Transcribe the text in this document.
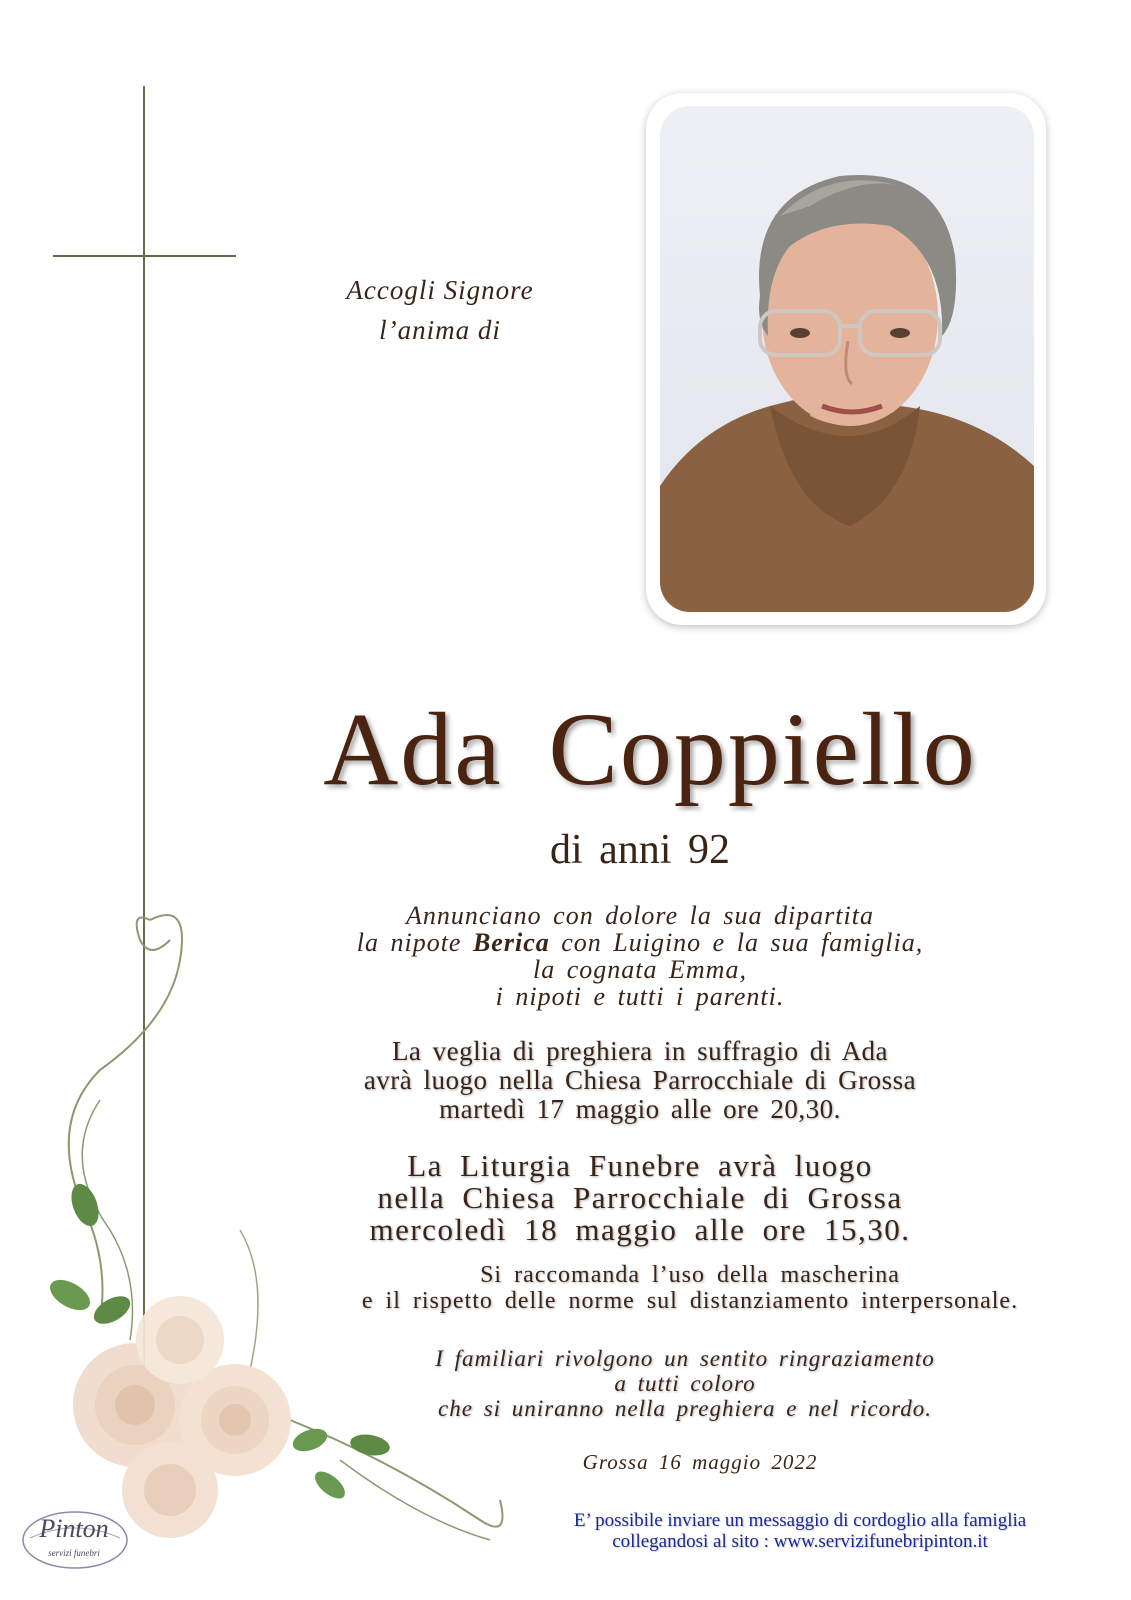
Accogli Signore
l’anima di
Ada Coppiello
di anni 92
Annunciano con dolore la sua dipartita
la nipote Berica con Luigino e la sua famiglia,
la cognata Emma,
i nipoti e tutti i parenti.
La veglia di preghiera in suffragio di Ada
avrà luogo nella Chiesa Parrocchiale di Grossa
martedì 17 maggio alle ore 20,30.
La Liturgia Funebre avrà luogo
nella Chiesa Parrocchiale di Grossa
mercoledì 18 maggio alle ore 15,30.
Si raccomanda l’uso della mascherina
e il rispetto delle norme sul distanziamento interpersonale.
I familiari rivolgono un sentito ringraziamento
a tutti coloro
che si uniranno nella preghiera e nel ricordo.
Grossa 16 maggio 2022
E’ possibile inviare un messaggio di cordoglio alla famiglia
collegandosi al sito : www.servizifunebripinton.it
Pinton
servizi funebri
